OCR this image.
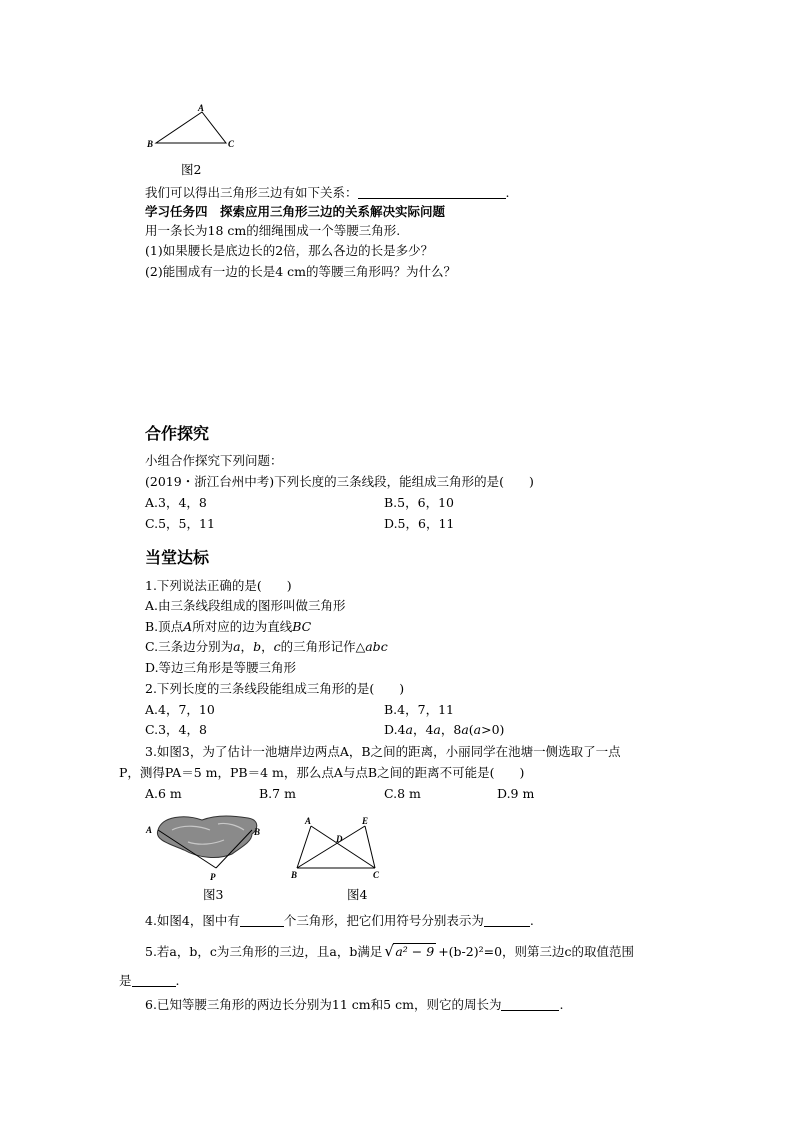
A
B	C
图2
我们可以得出三角形三边有如下关系：	.
学习任务四　探索应用三角形三边的关系解决实际问题
用一条长为18 cm的细绳围成一个等腰三角形.
(1)如果腰长是底边长的2倍，那么各边的长是多少？
(2)能围成有一边的长是4 cm的等腰三角形吗？为什么？
合作探究
小组合作探究下列问题：
(2019・浙江台州中考)下列长度的三条线段，能组成三角形的是(　　)
A.3，4，8	B.5，6，10
C.5，5，11	D.5，6，11
当堂达标
1.下列说法正确的是(　　)
A.由三条线段组成的图形叫做三角形
B.顶点A所对应的边为直线BC
C.三条边分别为a，b，c的三角形记作△abc
D.等边三角形是等腰三角形
2.下列长度的三条线段能组成三角形的是(　　)
A.4，7，10	B.4，7，11
C.3，4，8	D.4a，4a，8a(a>0)
3.如图3，为了估计一池塘岸边两点A，B之间的距离，小丽同学在池塘一侧选取了一点
P，测得PA＝5 m，PB＝4 m，那么点A与点B之间的距离不可能是(　　)
A.6 m	B.7 m	C.8 m	D.9 m
A	B
P
图3
A	E
D
B	C
图4
4.如图4，图中有	个三角形，把它们用符号分别表示为	.
5.若a，b，c为三角形的三边，且a，b满足 √ a² − 9 +(b-2)²=0，则第三边c的取值范围
是	.
6.已知等腰三角形的两边长分别为11 cm和5 cm，则它的周长为	.
